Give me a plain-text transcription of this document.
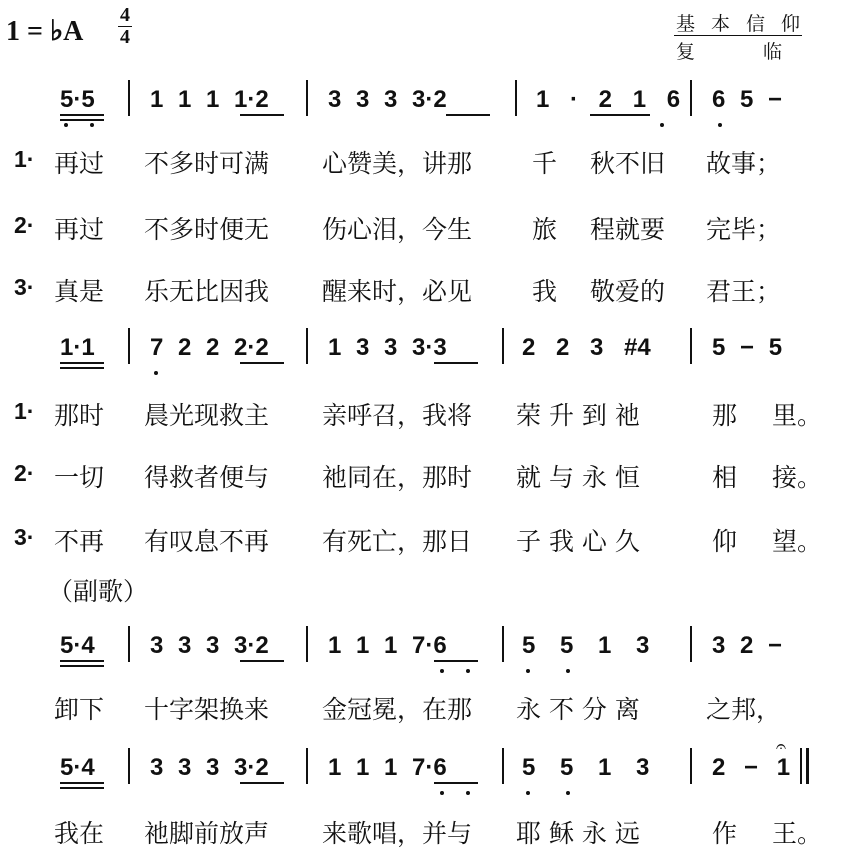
1 = ♭A
4
4
基本信仰
复临
5·5 1 1 1 1·2 3 3 3 3·2	1 · 2 1 6 6 5 −
1· 再过 不多时可满 心赞美，讲那 千 秋不旧 故事；
2· 再过 不多时便无 伤心泪，今生 旅 程就要 完毕；
3· 真是 乐无比因我 醒来时，必见 我 敬爱的 君王；
1·1 7 2 2 2·2 1 3 3 3·3	2 2 3 #4	5 − 5
1· 那时 晨光现救主 亲呼召，我将 荣 升 到 祂	那 里。
2· 一切 得救者便与 祂同在，那时 就 与 永 恒	相 接。
3· 不再 有叹息不再 有死亡，那日 子 我 心 久	仰 望。
（副歌）
5·4 3 3 3 3·2 1 1 1 7·6	5 5 1 3	3 2 −
卸下 十字架换来 金冠冕，在那 永 不 分 离	之邦，
5·4 3 3 3 3·2 1 1 1 7·6	5 5 1 3	2 − 1
𝄐
我在 祂脚前放声 来歌唱，并与 耶 稣 永 远	作 王。
